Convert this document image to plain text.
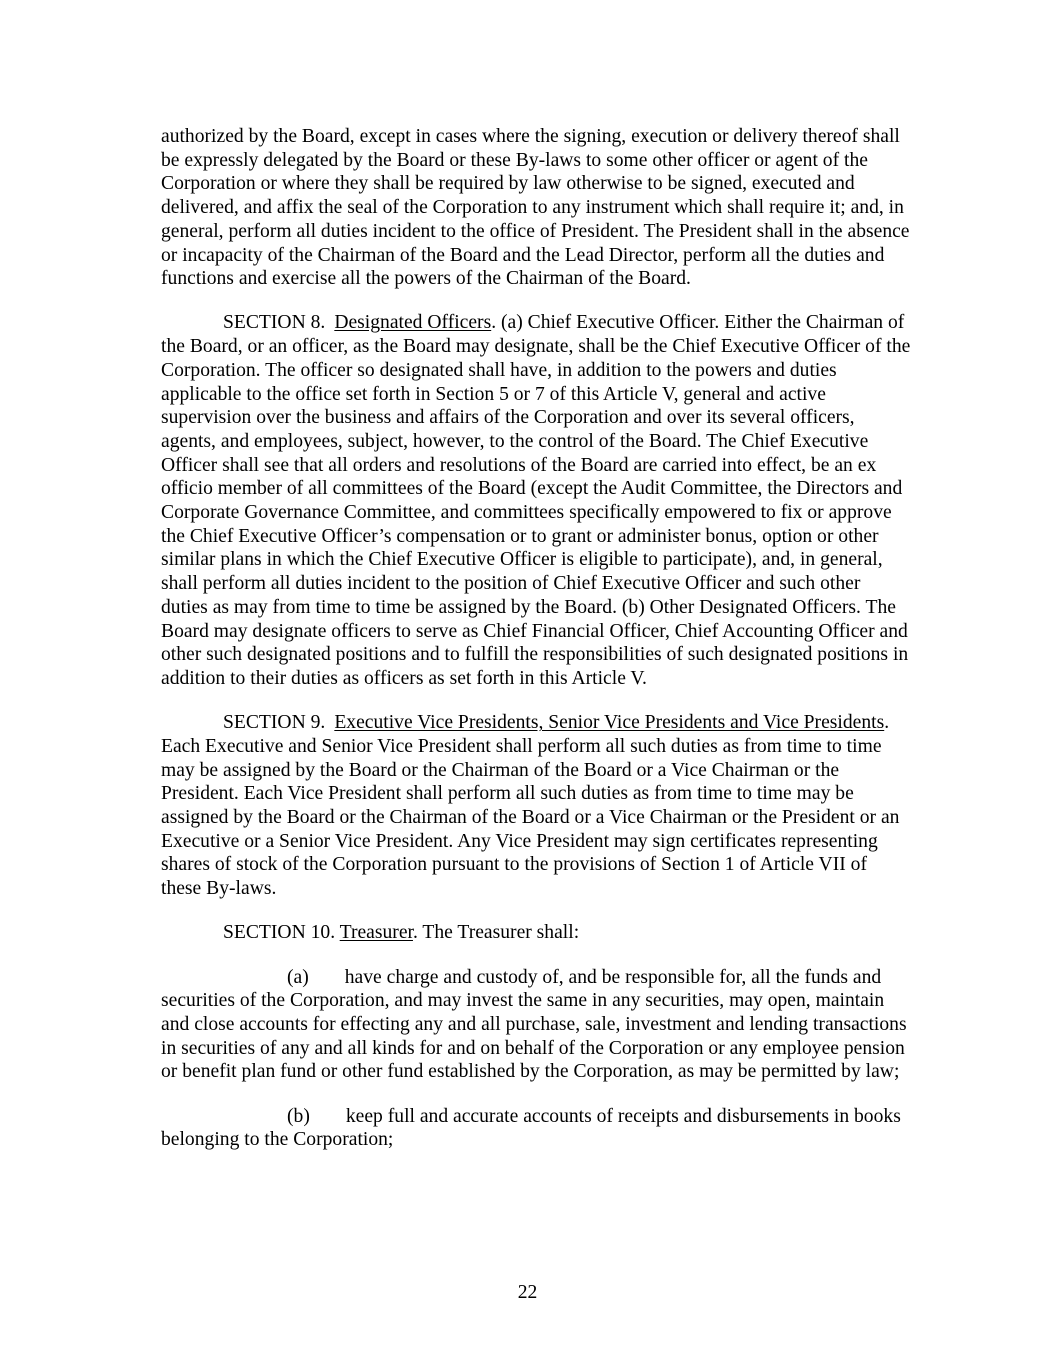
authorized by the Board, except in cases where the signing, execution or delivery thereof shall be expressly delegated by the Board or these By-laws to some other officer or agent of the Corporation or where they shall be required by law otherwise to be signed, executed and delivered, and affix the seal of the Corporation to any instrument which shall require it; and, in general, perform all duties incident to the office of President. The President shall in the absence or incapacity of the Chairman of the Board and the Lead Director, perform all the duties and functions and exercise all the powers of the Chairman of the Board.

SECTION 8. Designated Officers. (a) Chief Executive Officer. Either the Chairman of the Board, or an officer, as the Board may designate, shall be the Chief Executive Officer of the Corporation. The officer so designated shall have, in addition to the powers and duties applicable to the office set forth in Section 5 or 7 of this Article V, general and active supervision over the business and affairs of the Corporation and over its several officers, agents, and employees, subject, however, to the control of the Board. The Chief Executive Officer shall see that all orders and resolutions of the Board are carried into effect, be an ex officio member of all committees of the Board (except the Audit Committee, the Directors and Corporate Governance Committee, and committees specifically empowered to fix or approve the Chief Executive Officer’s compensation or to grant or administer bonus, option or other similar plans in which the Chief Executive Officer is eligible to participate), and, in general, shall perform all duties incident to the position of Chief Executive Officer and such other duties as may from time to time be assigned by the Board. (b) Other Designated Officers. The Board may designate officers to serve as Chief Financial Officer, Chief Accounting Officer and other such designated positions and to fulfill the responsibilities of such designated positions in addition to their duties as officers as set forth in this Article V.

SECTION 9. Executive Vice Presidents, Senior Vice Presidents and Vice Presidents. Each Executive and Senior Vice President shall perform all such duties as from time to time may be assigned by the Board or the Chairman of the Board or a Vice Chairman or the President. Each Vice President shall perform all such duties as from time to time may be assigned by the Board or the Chairman of the Board or a Vice Chairman or the President or an Executive or a Senior Vice President. Any Vice President may sign certificates representing shares of stock of the Corporation pursuant to the provisions of Section 1 of Article VII of these By-laws.

SECTION 10. Treasurer. The Treasurer shall:

(a) have charge and custody of, and be responsible for, all the funds and securities of the Corporation, and may invest the same in any securities, may open, maintain and close accounts for effecting any and all purchase, sale, investment and lending transactions in securities of any and all kinds for and on behalf of the Corporation or any employee pension or benefit plan fund or other fund established by the Corporation, as may be permitted by law;

(b) keep full and accurate accounts of receipts and disbursements in books belonging to the Corporation;

22
